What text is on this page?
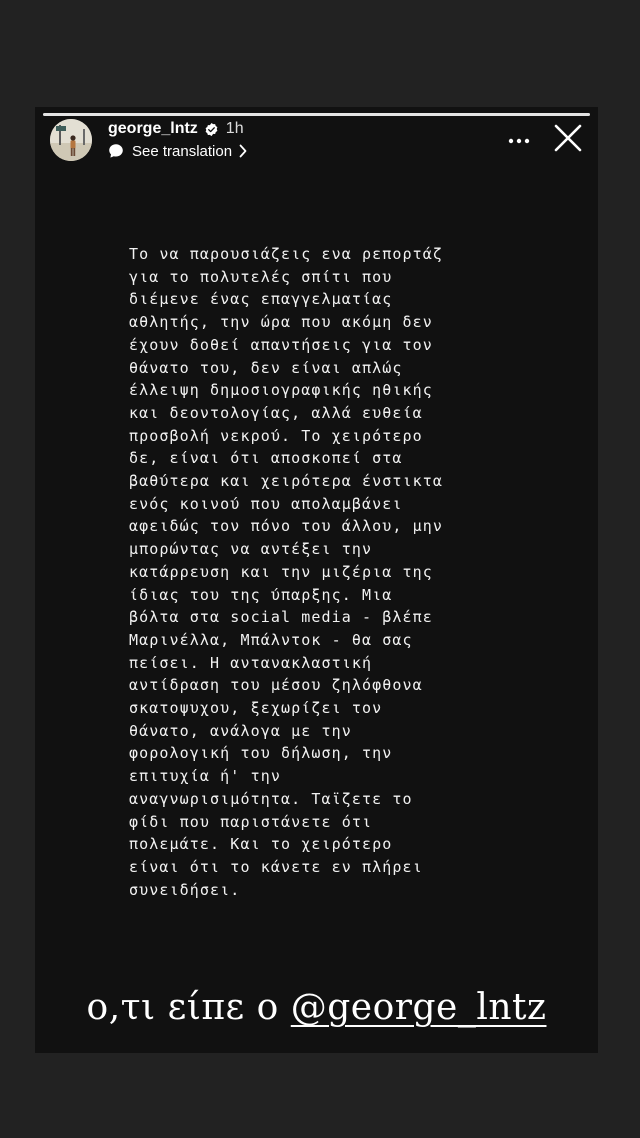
george_lntz 1h
See translation

Το να παρουσιάζεις ενα ρεπορτάζ
για το πολυτελές σπίτι που
διέμενε ένας επαγγελματίας
αθλητής, την ώρα που ακόμη δεν
έχουν δοθεί απαντήσεις για τον
θάνατο του, δεν είναι απλώς
έλλειψη δημοσιογραφικής ηθικής
και δεοντολογίας, αλλά ευθεία
προσβολή νεκρού. Το χειρότερο
δε, είναι ότι αποσκοπεί στα
βαθύτερα και χειρότερα ένστικτα
ενός κοινού που απολαμβάνει
αφειδώς τον πόνο του άλλου, μην
μπορώντας να αντέξει την
κατάρρευση και την μιζέρια της
ίδιας του της ύπαρξης. Μια
βόλτα στα social media - βλέπε
Μαρινέλλα, Μπάλντοκ - θα σας
πείσει. Η αντανακλαστική
αντίδραση του μέσου ζηλόφθονα
σκατοψυχου, ξεχωρίζει τον
θάνατο, ανάλογα με την
φορολογική του δήλωση, την
επιτυχία ή' την
αναγνωρισιμότητα. Ταϊζετε το
φίδι που παριστάνετε ότι
πολεμάτε. Και το χειρότερο
είναι ότι το κάνετε εν πλήρει
συνειδήσει.

ο,τι είπε ο @george_lntz
